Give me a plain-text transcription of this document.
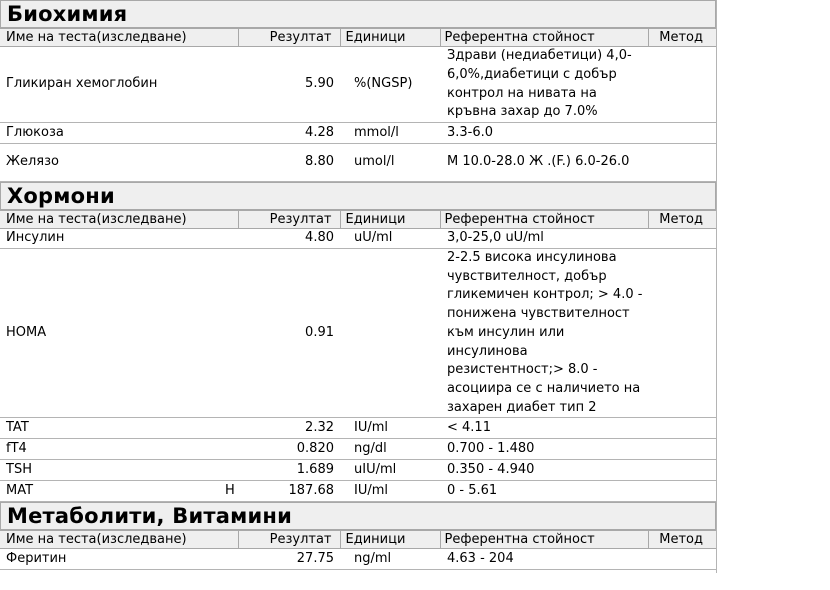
Биохимия
Име на теста(изследване)		Резултат	Единици	Референтна стойност	Метод
Гликиран хемоглобин		5.90	%(NGSP)	Здрави (недиабетици) 4,0-6,0%,диабетици с добър контрол на нивата на кръвна захар до 7.0%	
Глюкоза		4.28	mmol/l	3.3-6.0	
Желязо		8.80	umol/l	М 10.0-28.0 Ж .(F.) 6.0-26.0	
Хормони
Име на теста(изследване)		Резултат	Единици	Референтна стойност	Метод
Инсулин		4.80	uU/ml	3,0-25,0 uU/ml	
HOMA		0.91		2-2.5 висока инсулинова чувствителност, добър гликемичен контрол; > 4.0 - понижена чувствителност към инсулин или инсулинова резистентност;> 8.0 - асоциира се с наличието на захарен диабет тип 2	
TAT		2.32	IU/ml	< 4.11	
fT4		0.820	ng/dl	0.700 - 1.480	
TSH		1.689	uIU/ml	0.350 - 4.940	
MAT	H	187.68	IU/ml	0 - 5.61	
Метаболити, Витамини
Име на теста(изследване)		Резултат	Единици	Референтна стойност	Метод
Феритин		27.75	ng/ml	4.63 - 204	
